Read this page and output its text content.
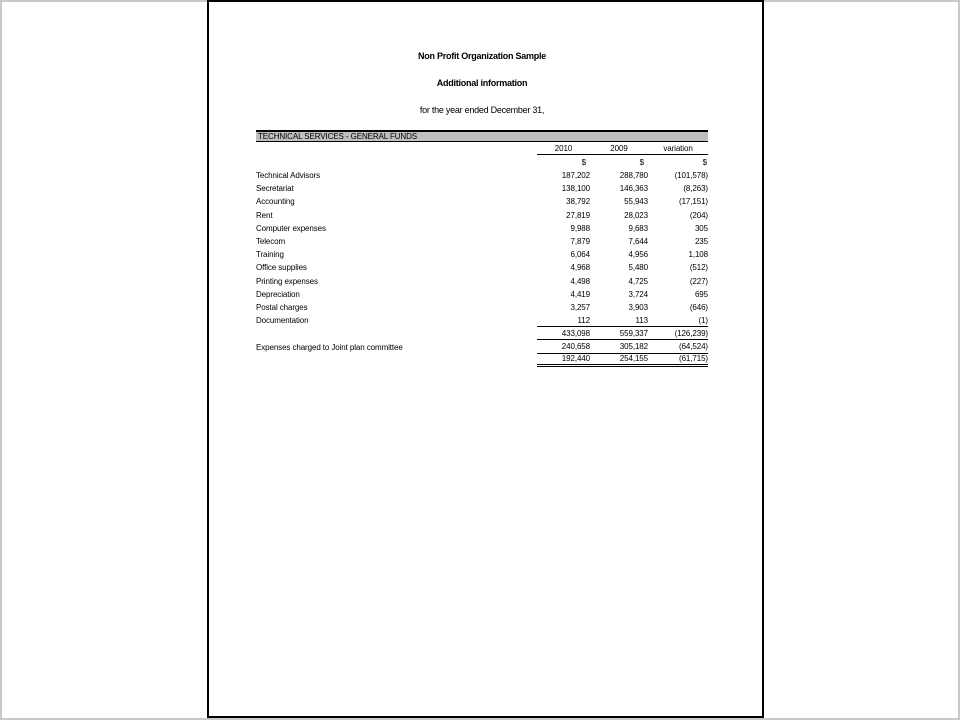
Non Profit Organization Sample
Additional information
for the year ended December 31,
TECHNICAL SERVICES - GENERAL FUNDS
2010	2009	variation
$	$	$
Technical Advisors	187,202	288,780	(101,578)
Secretariat	138,100	146,363	(8,263)
Accounting	38,792	55,943	(17,151)
Rent	27,819	28,023	(204)
Computer expenses	9,988	9,683	305
Telecom	7,879	7,644	235
Training	6,064	4,956	1,108
Office supplies	4,968	5,480	(512)
Printing expenses	4,498	4,725	(227)
Depreciation	4,419	3,724	695
Postal charges	3,257	3,903	(646)
Documentation	112	113	(1)
433,098	559,337	(126,239)
Expenses charged to Joint plan committee	240,658	305,182	(64,524)
192,440	254,155	(61,715)
